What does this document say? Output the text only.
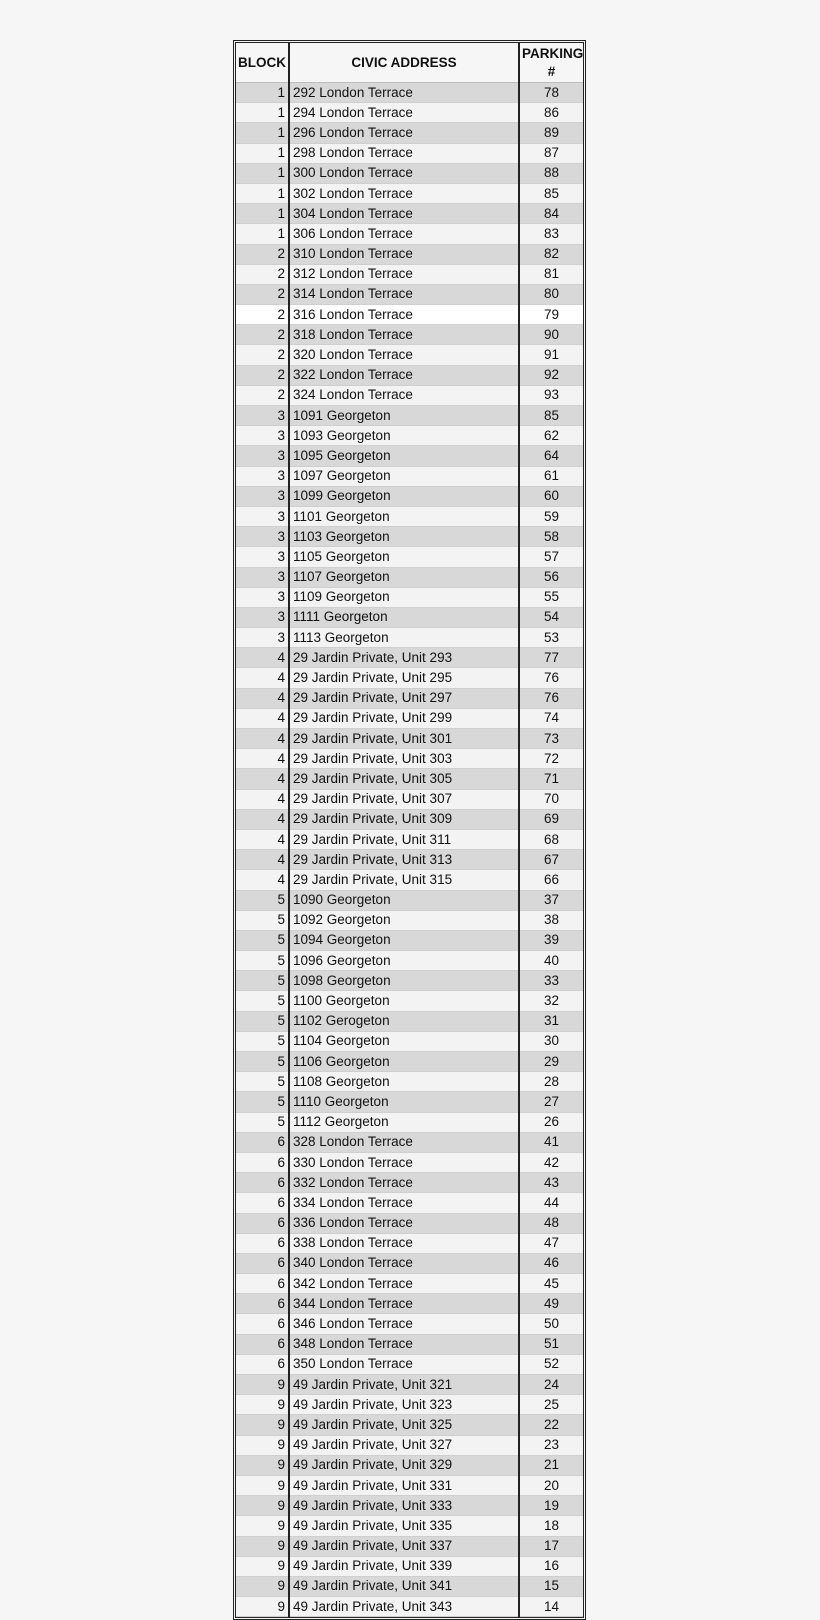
BLOCK	CIVIC ADDRESS	PARKING #
1	292 London Terrace	78
1	294 London Terrace	86
1	296 London Terrace	89
1	298 London Terrace	87
1	300 London Terrace	88
1	302 London Terrace	85
1	304 London Terrace	84
1	306 London Terrace	83
2	310 London Terrace	82
2	312 London Terrace	81
2	314 London Terrace	80
2	316 London Terrace	79
2	318 London Terrace	90
2	320 London Terrace	91
2	322 London Terrace	92
2	324 London Terrace	93
3	1091 Georgeton	85
3	1093 Georgeton	62
3	1095 Georgeton	64
3	1097 Georgeton	61
3	1099 Georgeton	60
3	1101 Georgeton	59
3	1103 Georgeton	58
3	1105 Georgeton	57
3	1107 Georgeton	56
3	1109 Georgeton	55
3	1111 Georgeton	54
3	1113 Georgeton	53
4	29 Jardin Private, Unit 293	77
4	29 Jardin Private, Unit 295	76
4	29 Jardin Private, Unit 297	76
4	29 Jardin Private, Unit 299	74
4	29 Jardin Private, Unit 301	73
4	29 Jardin Private, Unit 303	72
4	29 Jardin Private, Unit 305	71
4	29 Jardin Private, Unit 307	70
4	29 Jardin Private, Unit 309	69
4	29 Jardin Private, Unit 311	68
4	29 Jardin Private, Unit 313	67
4	29 Jardin Private, Unit 315	66
5	1090 Georgeton	37
5	1092 Georgeton	38
5	1094 Georgeton	39
5	1096 Georgeton	40
5	1098 Georgeton	33
5	1100 Georgeton	32
5	1102 Gerogeton	31
5	1104 Georgeton	30
5	1106 Georgeton	29
5	1108 Georgeton	28
5	1110 Georgeton	27
5	1112 Georgeton	26
6	328 London Terrace	41
6	330 London Terrace	42
6	332 London Terrace	43
6	334 London Terrace	44
6	336 London Terrace	48
6	338 London Terrace	47
6	340 London Terrace	46
6	342 London Terrace	45
6	344 London Terrace	49
6	346 London Terrace	50
6	348 London Terrace	51
6	350 London Terrace	52
9	49 Jardin Private, Unit 321	24
9	49 Jardin Private, Unit 323	25
9	49 Jardin Private, Unit 325	22
9	49 Jardin Private, Unit 327	23
9	49 Jardin Private, Unit 329	21
9	49 Jardin Private, Unit 331	20
9	49 Jardin Private, Unit 333	19
9	49 Jardin Private, Unit 335	18
9	49 Jardin Private, Unit 337	17
9	49 Jardin Private, Unit 339	16
9	49 Jardin Private, Unit 341	15
9	49 Jardin Private, Unit 343	14
